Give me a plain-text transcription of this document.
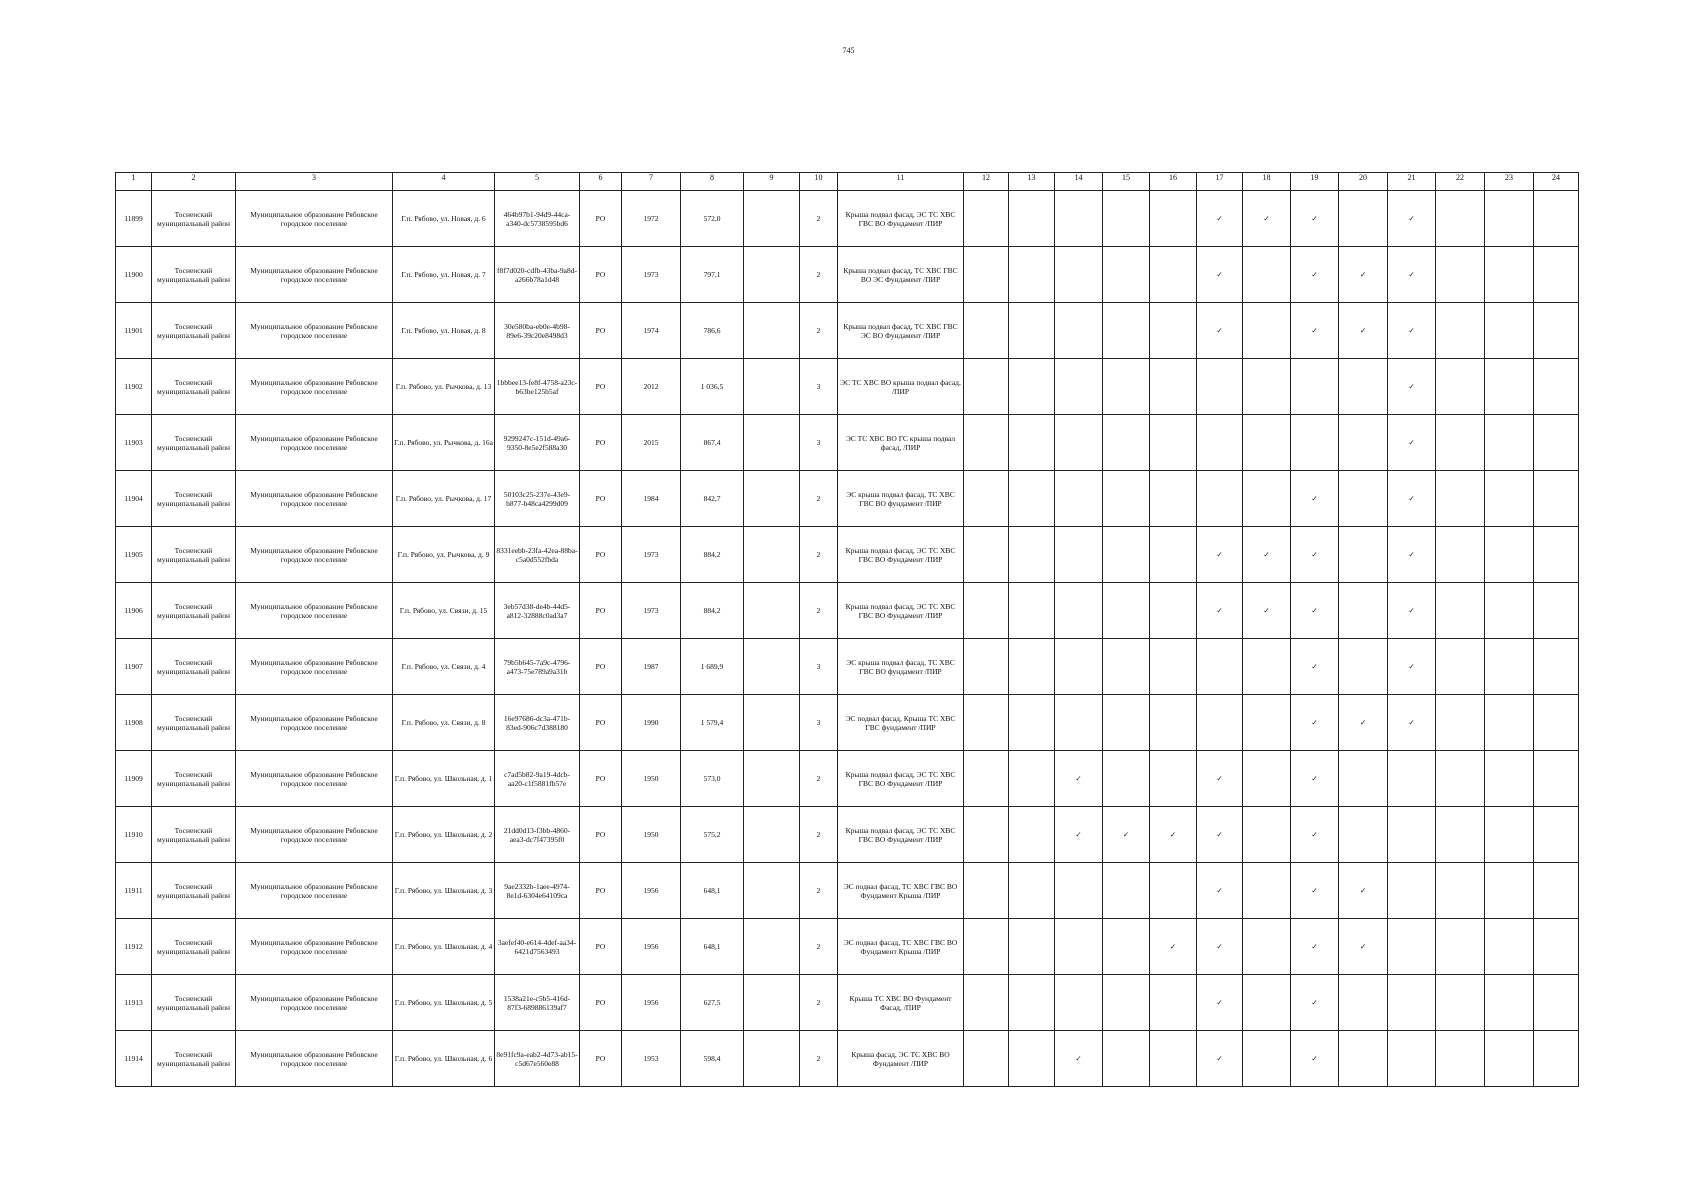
745
1	2	3	4	5	6	7	8	9	10	11	12	13	14	15	16	17	18	19	20	21	22	23	24
11899	Тосненский муниципальный район	Муниципальное образование Рябовское городское поселение	Г.п. Рябово, ул. Новая, д. 6	464b97b1-94d9-44ca-a340-dc5738595bd6	РО	1972	572,0		2	Крыша подвал фасад, ЭС ТС ХВС ГВС ВО Фундамент /ПИР						✓	✓	✓		✓			
11900	Тосненский муниципальный район	Муниципальное образование Рябовское городское поселение	Г.п. Рябово, ул. Новая, д. 7	f8f7d020-cdfb-43ba-9a8d-a266b78a1d48	РО	1973	797,1		2	Крыша подвал фасад, ТС ХВС ГВС ВО ЭС Фундамент /ПИР						✓		✓	✓	✓			
11901	Тосненский муниципальный район	Муниципальное образование Рябовское городское поселение	Г.п. Рябово, ул. Новая, д. 8	30e580ba-eb0e-4b98-89e6-39c20e8498d3	РО	1974	786,6		2	Крыша подвал фасад, ТС ХВС ГВС ЭС ВО Фундамент /ПИР						✓		✓	✓	✓			
11902	Тосненский муниципальный район	Муниципальное образование Рябовское городское поселение	Г.п. Рябово, ул. Рычкова, д. 13	1bbbee13-fe8f-4758-a23c-b63be125b5af	РО	2012	1 036,5		3	ЭС ТС ХВС ВО крыша подвал фасад, /ПИР										✓			
11903	Тосненский муниципальный район	Муниципальное образование Рябовское городское поселение	Г.п. Рябово, ул. Рычкова, д. 16а	9299247c-151d-49a6-9350-8e5e2f588a30	РО	2015	867,4		3	ЭС ТС ХВС ВО ГС крыша подвал фасад, /ПИР										✓			
11904	Тосненский муниципальный район	Муниципальное образование Рябовское городское поселение	Г.п. Рябово, ул. Рычкова, д. 17	50103c25-237e-43e9-b877-b48ca4299d09	РО	1984	842,7		2	ЭС крыша подвал фасад, ТС ХВС ГВС ВО фундамент /ПИР								✓		✓			
11905	Тосненский муниципальный район	Муниципальное образование Рябовское городское поселение	Г.п. Рябово, ул. Рычкова, д. 9	8331eebb-23fa-42ea-88ba-c5a0d552fbda	РО	1973	884,2		2	Крыша подвал фасад, ЭС ТС ХВС ГВС ВО Фундамент /ПИР						✓	✓	✓		✓			
11906	Тосненский муниципальный район	Муниципальное образование Рябовское городское поселение	Г.п. Рябово, ул. Связи, д. 15	3eb57d38-de4b-44d5-a812-32888c0ad3a7	РО	1973	884,2		2	Крыша подвал фасад, ЭС ТС ХВС ГВС ВО Фундамент /ПИР						✓	✓	✓		✓			
11907	Тосненский муниципальный район	Муниципальное образование Рябовское городское поселение	Г.п. Рябово, ул. Связи, д. 4	79b5b645-7a9c-4796-a473-75e789a9a31b	РО	1987	1 689,9		3	ЭС крыша подвал фасад, ТС ХВС ГВС ВО фундамент /ПИР								✓		✓			
11908	Тосненский муниципальный район	Муниципальное образование Рябовское городское поселение	Г.п. Рябово, ул. Связи, д. 8	16e97686-dc3a-471b-83ed-906c7d388180	РО	1990	1 579,4		3	ЭС подвал фасад, Крыша ТС ХВС ГВС фундамент /ПИР								✓	✓	✓			
11909	Тосненский муниципальный район	Муниципальное образование Рябовское городское поселение	Г.п. Рябово, ул. Школьная, д. 1	c7ad5b82-9a19-4dcb-aa20-c1f5881fb57e	РО	1950	573,0		2	Крыша подвал фасад, ЭС ТС ХВС ГВС ВО Фундамент /ПИР			✓			✓		✓					
11910	Тосненский муниципальный район	Муниципальное образование Рябовское городское поселение	Г.п. Рябово, ул. Школьная, д. 2	21dd0d13-f3bb-4860-aea3-dc7f47395f0	РО	1950	575,2		2	Крыша подвал фасад, ЭС ТС ХВС ГВС ВО Фундамент /ПИР			✓	✓	✓	✓		✓					
11911	Тосненский муниципальный район	Муниципальное образование Рябовское городское поселение	Г.п. Рябово, ул. Школьная, д. 3	9ae2332b-1aee-4974-8e1d-6304e64109ca	РО	1956	648,1		2	ЭС подвал фасад, ТС ХВС ГВС ВО Фундамент Крыша /ПИР						✓		✓	✓				
11912	Тосненский муниципальный район	Муниципальное образование Рябовское городское поселение	Г.п. Рябово, ул. Школьная, д. 4	3aefef40-e614-4def-aa34-6421d7563493	РО	1956	648,1		2	ЭС подвал фасад, ТС ХВС ГВС ВО Фундамент Крыша /ПИР					✓	✓		✓	✓				
11913	Тосненский муниципальный район	Муниципальное образование Рябовское городское поселение	Г.п. Рябово, ул. Школьная, д. 5	1538a21e-c5b5-416d-87f3-689886139af7	РО	1956	627,5		2	Крыша ТС ХВС ВО Фундамент Фасад, /ПИР						✓		✓					
11914	Тосненский муниципальный район	Муниципальное образование Рябовское городское поселение	Г.п. Рябово, ул. Школьная, д. 6	8e91fc9a-eab2-4d73-ab15-c5d67e560e88	РО	1953	598,4		2	Крыша фасад, ЭС ТС ХВС ВО Фундамент /ПИР			✓			✓		✓					
